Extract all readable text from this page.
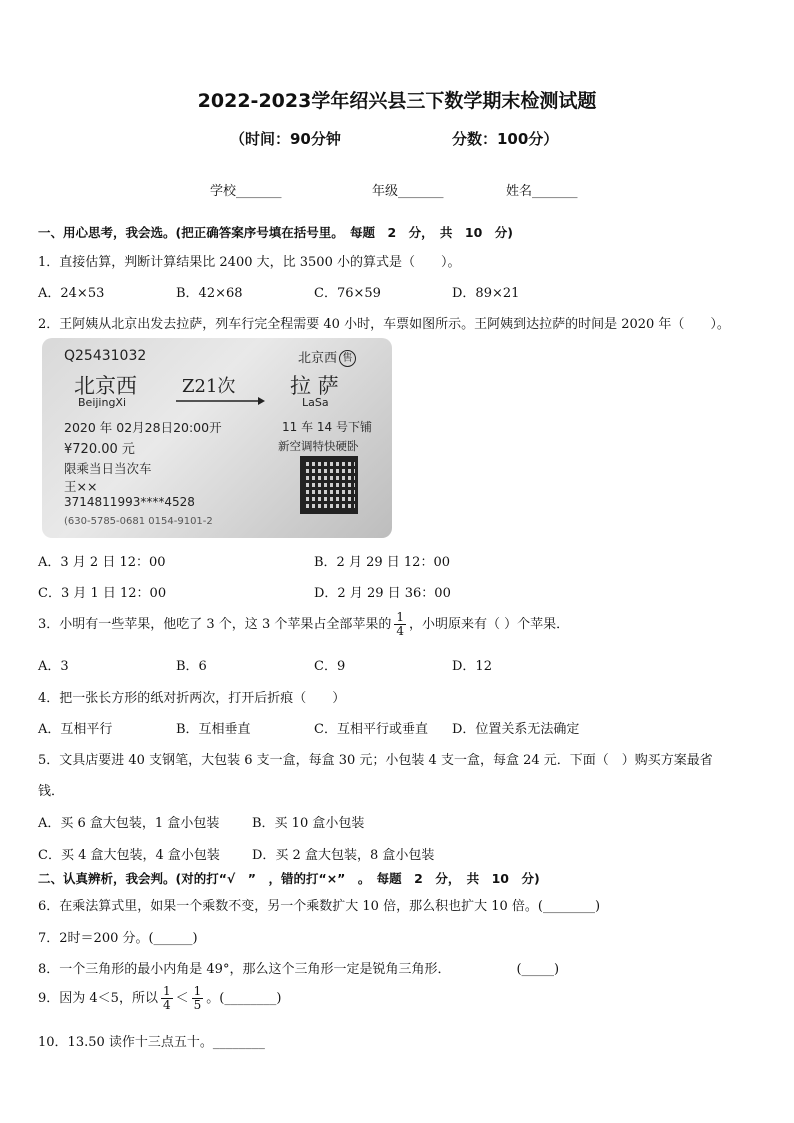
2022-2023学年绍兴县三下数学期末检测试题
（时间：90分钟	分数：100分）
学校_______	年级_______	姓名_______
一、用心思考，我会选。(把正确答案序号填在括号里。　每题　2　分，　共　10　分)
1．直接估算，判断计算结果比 2400 大，比 3500 小的算式是（　　）。
A．24×53	B．42×68	C．76×59	D．89×21
2．王阿姨从北京出发去拉萨，列车行完全程需要 40 小时，车票如图所示。王阿姨到达拉萨的时间是 2020 年（　　）。
Q25431032	北京西 售
北京西
BeijingXi
Z21次	拉 萨
LaSa
2020 年 02月28日20:00开	11 车 14 号下铺
¥720.00 元	新空调特快硬卧
限乘当日当次车
王××
3714811993****4528
(630-5785-0681 0154-9101-2
A．3 月 2 日 12：00	B．2 月 29 日 12：00
C．3 月 1 日 12：00	D．2 月 29 日 36：00
3．小明有一些苹果，他吃了 3 个，这 3 个苹果占全部苹果的 $\frac{1}{4}$ ，小明原来有（ ）个苹果．
A．3	B．6	C．9	D．12
4．把一张长方形的纸对折两次，打开后折痕（　　）
A．互相平行	B．互相垂直	C．互相平行或垂直 D．位置关系无法确定
5．文具店要进 40 支钢笔，大包装 6 支一盒，每盒 30 元；小包装 4 支一盒，每盒 24 元．下面（　）购买方案最省
钱．
A．买 6 盒大包装，1 盒小包装	B．买 10 盒小包装
C．买 4 盒大包装，4 盒小包装 D．买 2 盒大包装，8 盒小包装
二、认真辨析，我会判。(对的打“√　”　，错的打“×”　。　每题　2　分，　共　10　分)
6．在乘法算式里，如果一个乘数不变，另一个乘数扩大 10 倍，那么积也扩大 10 倍。(________)
7．2时＝200 分。(______)
8．一个三角形的最小内角是 49°，那么这个三角形一定是锐角三角形．	(_____)
9．因为 4＜5，所以 $\frac{1}{4} < \frac{1}{5}$ 。(________)
10．13.50 读作十三点五十。________
